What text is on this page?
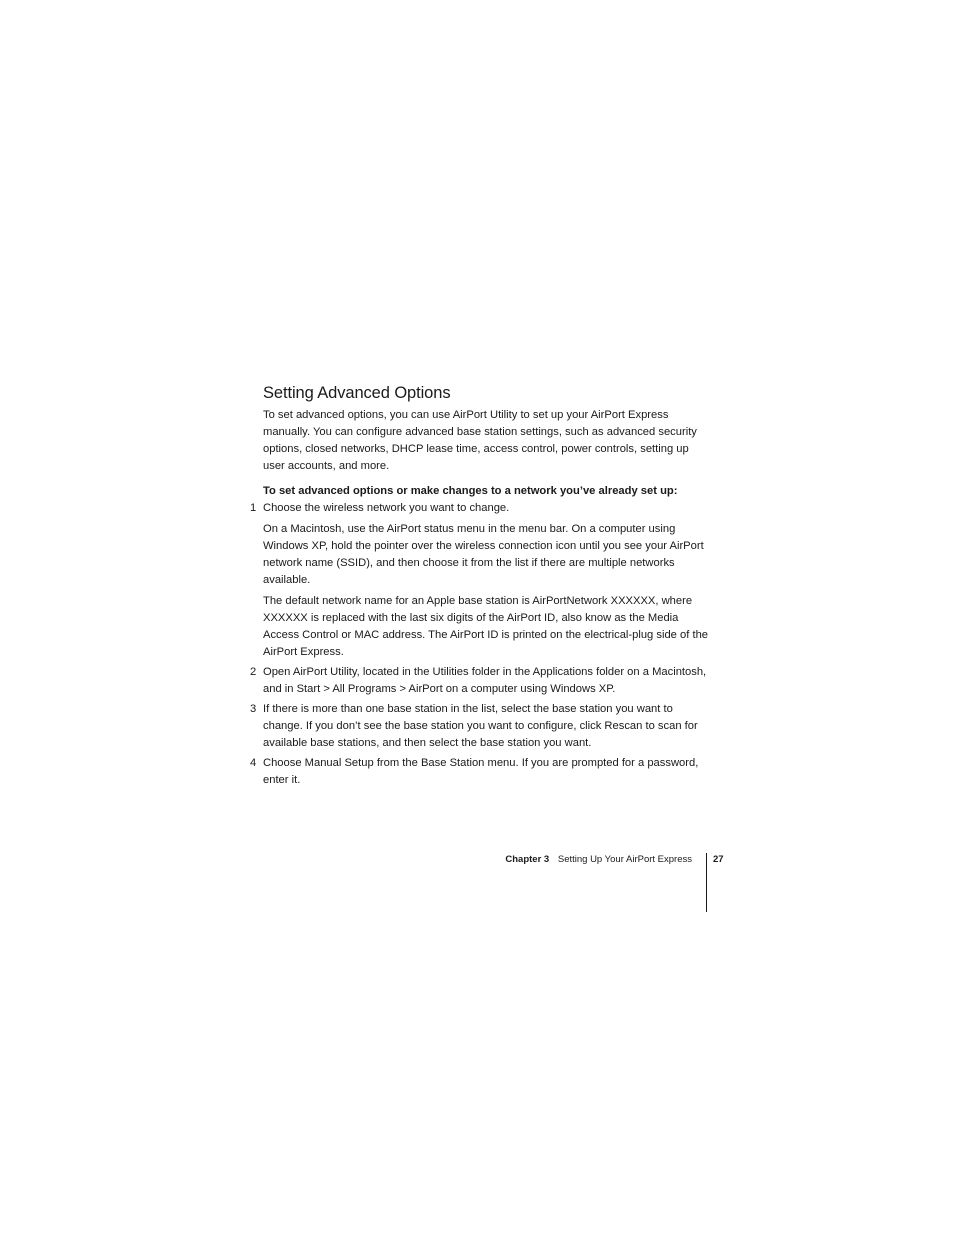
Setting Advanced Options

To set advanced options, you can use AirPort Utility to set up your AirPort Express manually. You can configure advanced base station settings, such as advanced security options, closed networks, DHCP lease time, access control, power controls, setting up user accounts, and more.

To set advanced options or make changes to a network you’ve already set up:

1 Choose the wireless network you want to change.

On a Macintosh, use the AirPort status menu in the menu bar. On a computer using Windows XP, hold the pointer over the wireless connection icon until you see your AirPort network name (SSID), and then choose it from the list if there are multiple networks available.

The default network name for an Apple base station is AirPortNetwork XXXXXX, where XXXXXX is replaced with the last six digits of the AirPort ID, also know as the Media Access Control or MAC address. The AirPort ID is printed on the electrical-plug side of the AirPort Express.

2 Open AirPort Utility, located in the Utilities folder in the Applications folder on a Macintosh, and in Start > All Programs > AirPort on a computer using Windows XP.

3 If there is more than one base station in the list, select the base station you want to change. If you don’t see the base station you want to configure, click Rescan to scan for available base stations, and then select the base station you want.

4 Choose Manual Setup from the Base Station menu. If you are prompted for a password, enter it.

Chapter 3 Setting Up Your AirPort Express 27
